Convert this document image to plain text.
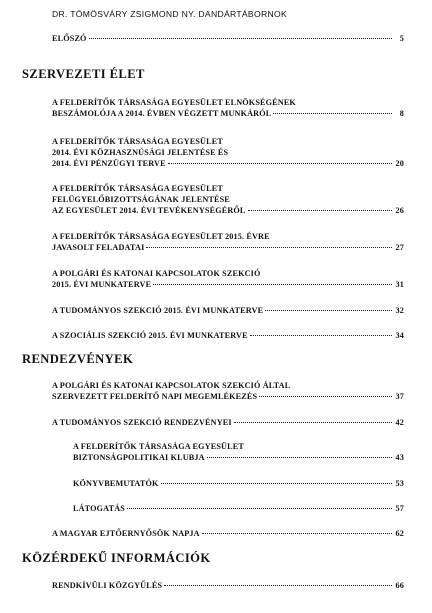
DR. TÖMÖSVÁRY ZSIGMOND NY. DANDÁRTÁBORNOK
ELŐSZÓ	5
SZERVEZETI ÉLET
A FELDERÍTŐK TÁRSASÁGA EGYESÜLET ELNÖKSÉGÉNEK
BESZÁMOLÓJA A 2014. ÉVBEN VÉGZETT MUNKÁRÓL	8
A FELDERÍTŐK TÁRSASÁGA EGYESÜLET
2014. ÉVI KÖZHASZNÚSÁGI JELENTÉSE ÉS
2014. ÉVI PÉNZÜGYI TERVE	20
A FELDERÍTŐK TÁRSASÁGA EGYESÜLET
FELÜGYELŐBIZOTTSÁGÁNAK JELENTÉSE
AZ EGYESÜLET 2014. ÉVI TEVÉKENYSÉGÉRŐL	26
A FELDERÍTŐK TÁRSASÁGA EGYESÜLET 2015. ÉVRE
JAVASOLT FELADATAI	27
A POLGÁRI ÉS KATONAI KAPCSOLATOK SZEKCIÓ
2015. ÉVI MUNKATERVE	31
A TUDOMÁNYOS SZEKCIÓ 2015. ÉVI MUNKATERVE	32
A SZOCIÁLIS SZEKCIÓ 2015. ÉVI MUNKATERVE	34
RENDEZVÉNYEK
A POLGÁRI ÉS KATONAI KAPCSOLATOK SZEKCIÓ ÁLTAL
SZERVEZETT FELDERÍTŐ NAPI MEGEMLÉKEZÉS	37
A TUDOMÁNYOS SZEKCIÓ RENDEZVÉNYEI	42
A FELDERÍTŐK TÁRSASÁGA EGYESÜLET
BIZTONSÁGPOLITIKAI KLUBJA	43
KÖNYVBEMUTATÓK	53
LÁTOGATÁS	57
A MAGYAR EJTŐERNYŐSÖK NAPJA	62
KÖZÉRDEKŰ INFORMÁCIÓK
RENDKÍVÜLI KÖZGYŰLÉS	66
